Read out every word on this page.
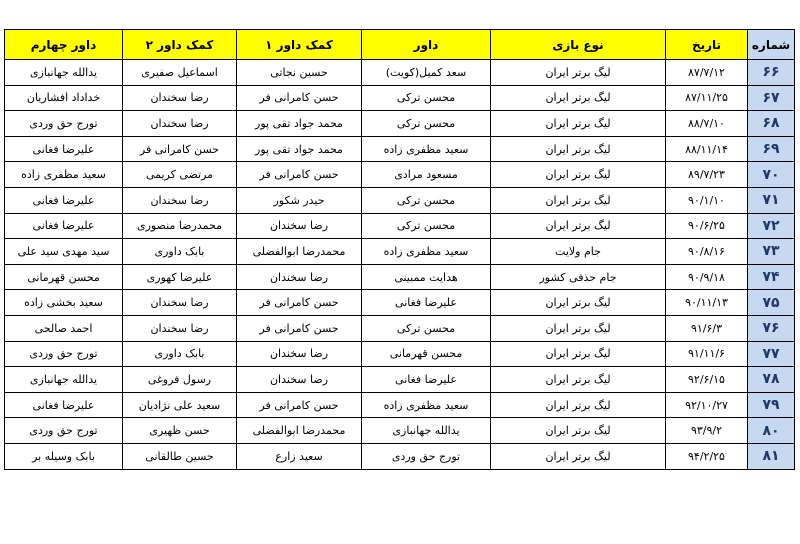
شماره	تاریخ	نوع بازی	داور	کمک داور ۱	کمک داور ۲	داور چهارم
۶۶	۸۷/۷/۱۲	لیگ برتر ایران	سعد کمیل(کویت)	حسین نجاتی	اسماعیل صفیری	یدالله جهانبازی
۶۷	۸۷/۱۱/۲۵	لیگ برتر ایران	محسن ترکی	حسن کامرانی فر	رضا سخندان	خداداد افشاریان
۶۸	۸۸/۷/۱۰	لیگ برتر ایران	محسن ترکی	محمد جواد تقی پور	رضا سخندان	تورج حق وردی
۶۹	۸۸/۱۱/۱۴	لیگ برتر ایران	سعید مظفری زاده	محمد جواد تقی پور	حسن کامرانی فر	علیرضا فغانی
۷۰	۸۹/۷/۲۳	لیگ برتر ایران	مسعود مرادی	حسن کامرانی فر	مرتضی کریمی	سعید مظفری زاده
۷۱	۹۰/۱/۱۰	لیگ برتر ایران	محسن ترکی	حیدر شکور	رضا سخندان	علیرضا فغانی
۷۲	۹۰/۶/۲۵	لیگ برتر ایران	محسن ترکی	رضا سخندان	محمدرضا منصوری	علیرضا فغانی
۷۳	۹۰/۸/۱۶	جام ولایت	سعید مظفری زاده	محمدرضا ابوالفضلی	بابک داوری	سید مهدی سید علی
۷۴	۹۰/۹/۱۸	جام حذفی کشور	هدایت ممبینی	رضا سخندان	علیرضا کهوری	محسن قهرمانی
۷۵	۹۰/۱۱/۱۳	لیگ برتر ایران	علیرضا فغانی	حسن کامرانی فر	رضا سخندان	سعید بخشی زاده
۷۶	۹۱/۶/۳	لیگ برتر ایران	محسن ترکی	حسن کامرانی فر	رضا سخندان	احمد صالحی
۷۷	۹۱/۱۱/۶	لیگ برتر ایران	محسن قهرمانی	رضا سخندان	بابک داوری	تورج حق وردی
۷۸	۹۲/۶/۱۵	لیگ برتر ایران	علیرضا فغانی	رضا سخندان	رسول فروغی	یدالله جهانبازی
۷۹	۹۲/۱۰/۲۷	لیگ برتر ایران	سعید مظفری زاده	حسن کامرانی فر	سعید علی نژادیان	علیرضا فغانی
۸۰	۹۳/۹/۲	لیگ برتر ایران	یدالله جهانبازی	محمدرضا ابوالفضلی	حسن ظهیری	تورج حق وردی
۸۱	۹۴/۲/۲۵	لیگ برتر ایران	تورج حق وردی	سعید زارع	حسین طالقانی	بابک وسیله بر
